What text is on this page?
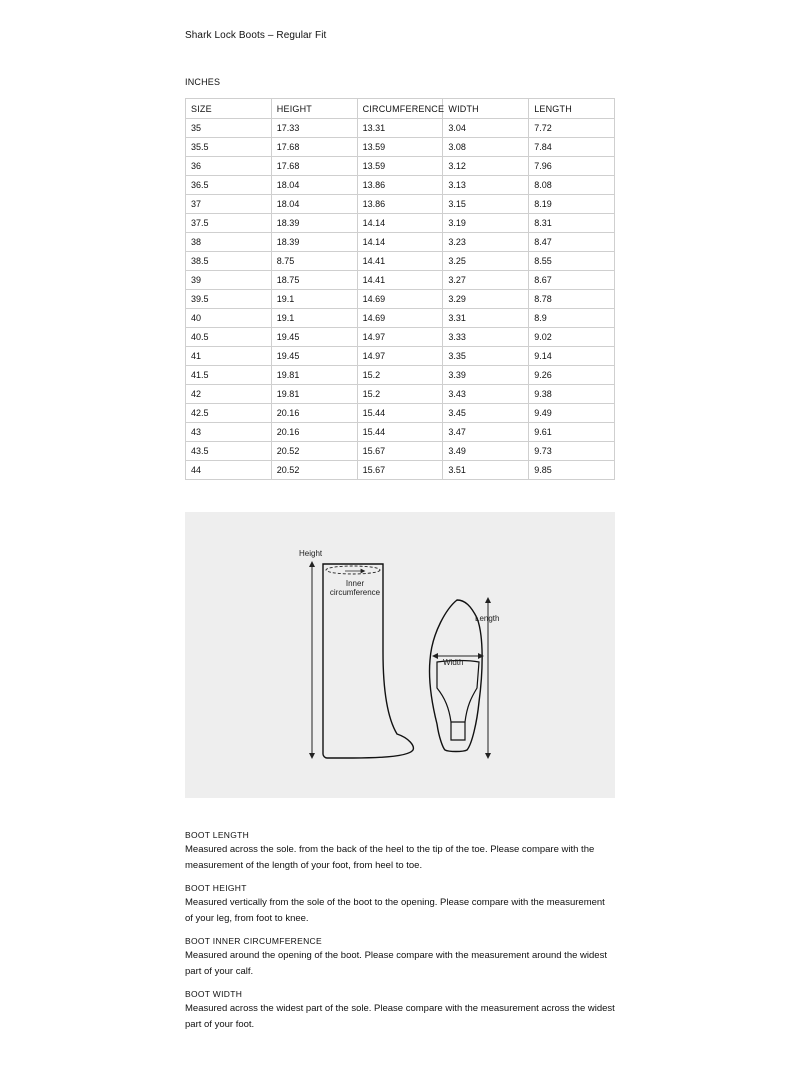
Shark Lock Boots – Regular Fit
INCHES
SIZE	HEIGHT	CIRCUMFERENCE	WIDTH	LENGTH
35	17.33	13.31	3.04	7.72
35.5	17.68	13.59	3.08	7.84
36	17.68	13.59	3.12	7.96
36.5	18.04	13.86	3.13	8.08
37	18.04	13.86	3.15	8.19
37.5	18.39	14.14	3.19	8.31
38	18.39	14.14	3.23	8.47
38.5	8.75	14.41	3.25	8.55
39	18.75	14.41	3.27	8.67
39.5	19.1	14.69	3.29	8.78
40	19.1	14.69	3.31	8.9
40.5	19.45	14.97	3.33	9.02
41	19.45	14.97	3.35	9.14
41.5	19.81	15.2	3.39	9.26
42	19.81	15.2	3.43	9.38
42.5	20.16	15.44	3.45	9.49
43	20.16	15.44	3.47	9.61
43.5	20.52	15.67	3.49	9.73
44	20.52	15.67	3.51	9.85
Height
Inner
circumference
Length
Width
BOOT LENGTH
Measured across the sole. from the back of the heel to the tip of the toe. Please compare with the measurement of the length of your foot, from heel to toe.
BOOT HEIGHT
Measured vertically from the sole of the boot to the opening. Please compare with the measurement of your leg, from foot to knee.
BOOT INNER CIRCUMFERENCE
Measured around the opening of the boot. Please compare with the measurement around the widest part of your calf.
BOOT WIDTH
Measured across the widest part of the sole. Please compare with the measurement across the widest part of your foot.
